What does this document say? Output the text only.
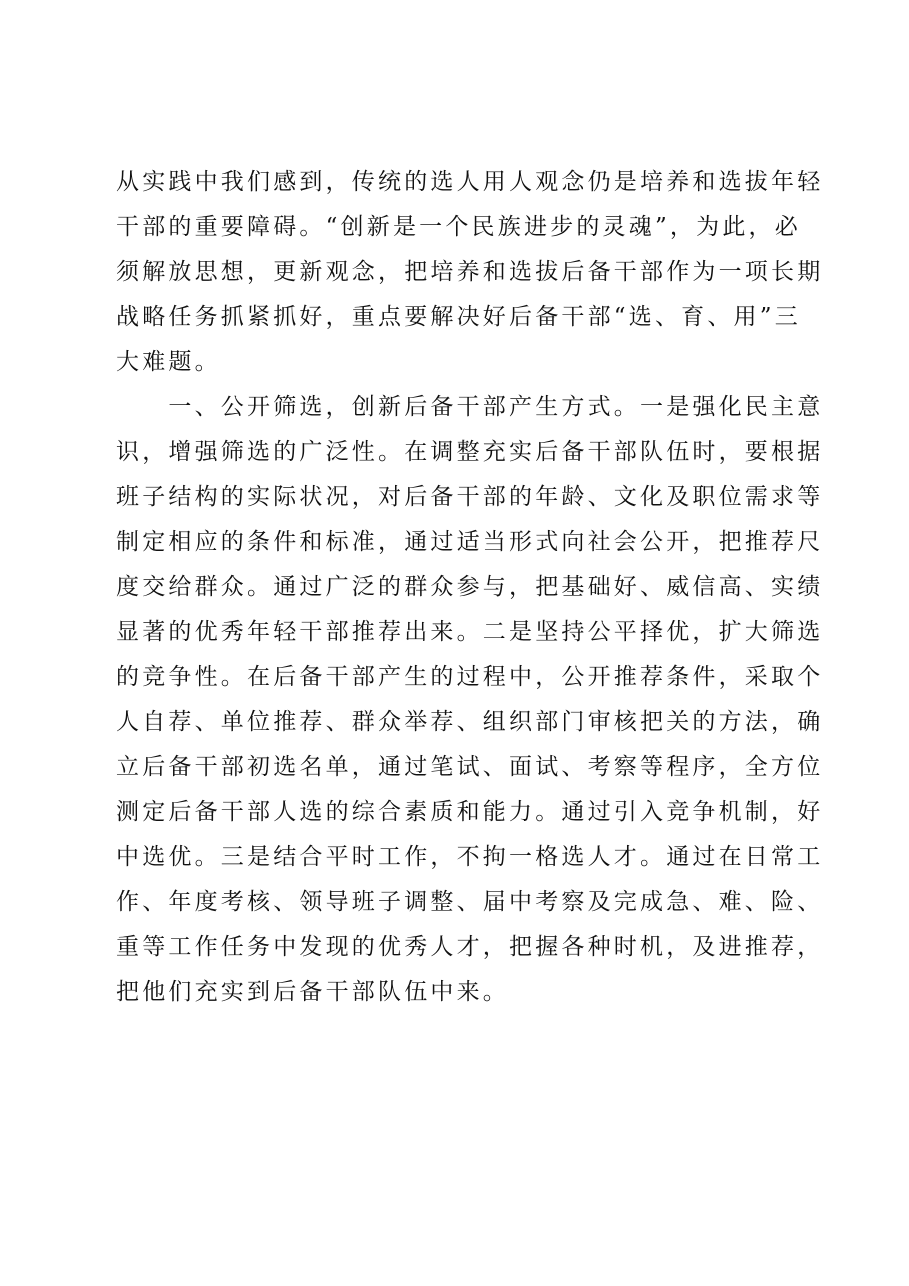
从实践中我们感到，传统的选人用人观念仍是培养和选拔年轻
干部的重要障碍。“创新是一个民族进步的灵魂”，为此，必
须解放思想，更新观念，把培养和选拔后备干部作为一项长期
战略任务抓紧抓好，重点要解决好后备干部“选、育、用”三
大难题。
　　一、公开筛选，创新后备干部产生方式。一是强化民主意
识，增强筛选的广泛性。在调整充实后备干部队伍时，要根据
班子结构的实际状况，对后备干部的年龄、文化及职位需求等
制定相应的条件和标准，通过适当形式向社会公开，把推荐尺
度交给群众。通过广泛的群众参与，把基础好、威信高、实绩
显著的优秀年轻干部推荐出来。二是坚持公平择优，扩大筛选
的竞争性。在后备干部产生的过程中，公开推荐条件，采取个
人自荐、单位推荐、群众举荐、组织部门审核把关的方法，确
立后备干部初选名单，通过笔试、面试、考察等程序，全方位
测定后备干部人选的综合素质和能力。通过引入竞争机制，好
中选优。三是结合平时工作，不拘一格选人才。通过在日常工
作、年度考核、领导班子调整、届中考察及完成急、难、险、
重等工作任务中发现的优秀人才，把握各种时机，及进推荐，
把他们充实到后备干部队伍中来。
